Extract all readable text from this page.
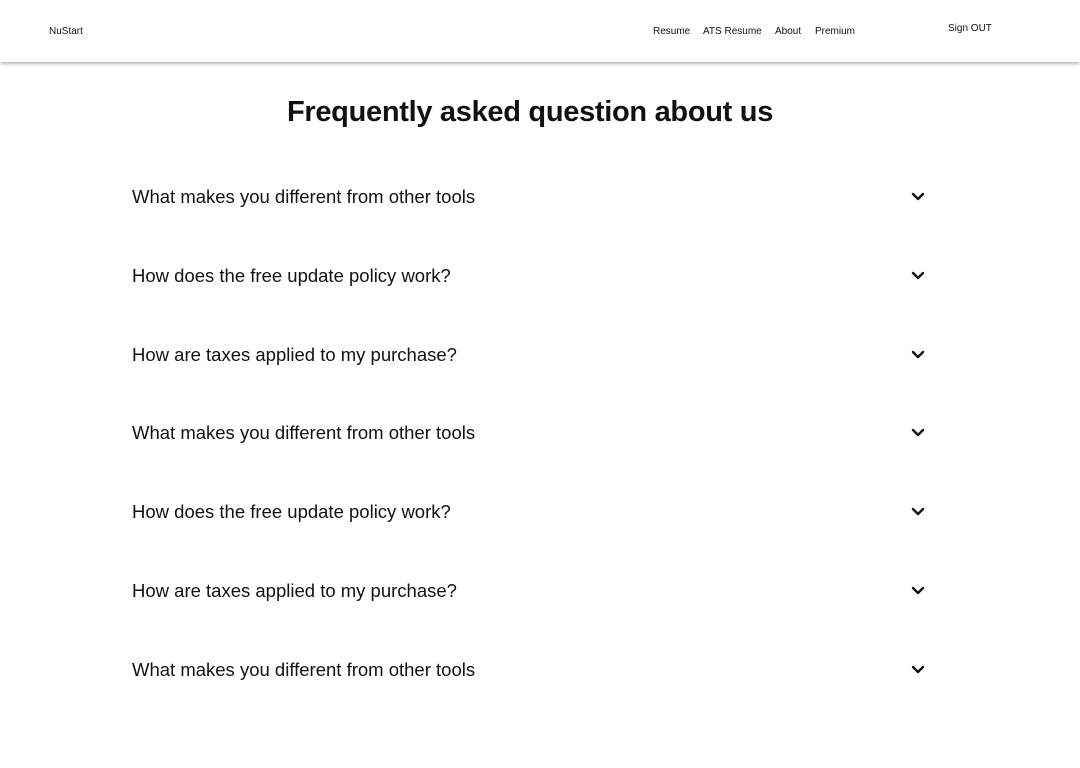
NuStart	Resume ATS Resume About Premium	Sign OUT
Frequently asked question about us
What makes you different from other tools
How does the free update policy work?
How are taxes applied to my purchase?
What makes you different from other tools
How does the free update policy work?
How are taxes applied to my purchase?
What makes you different from other tools
